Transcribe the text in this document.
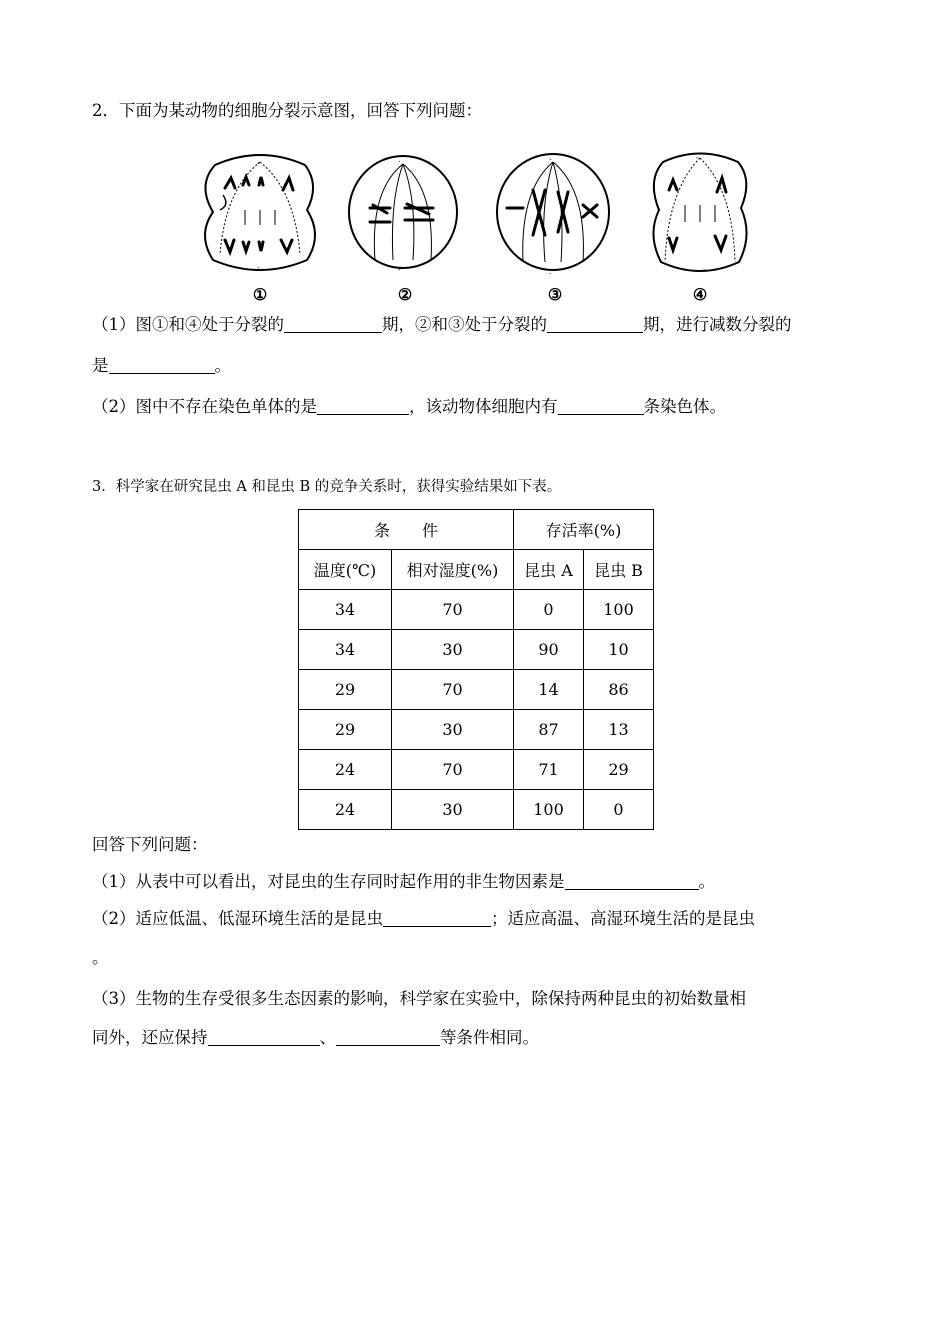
2．下面为某动物的细胞分裂示意图，回答下列问题：
-
-
①
.
-
②
.
.
③
-
-
④
（1）图①和④处于分裂的	期，②和③处于分裂的	期，进行减数分裂的
是	。
（2）图中不存在染色单体的是	，该动物体细胞内有	条染色体。
3．科学家在研究昆虫 A 和昆虫 B 的竞争关系时，获得实验结果如下表。
条　　件		存活率(%)	
温度(℃)	相对湿度(%)	昆虫 A	昆虫 B
34	70	0	100
34	30	90	10
29	70	14	86
29	30	87	13
24	70	71	29
24	30	100	0
回答下列问题：
（1）从表中可以看出，对昆虫的生存同时起作用的非生物因素是	。
（2）适应低温、低湿环境生活的是昆虫	；适应高温、高湿环境生活的是昆虫
。
（3）生物的生存受很多生态因素的影响，科学家在实验中，除保持两种昆虫的初始数量相
同外，还应保持	、	等条件相同。
